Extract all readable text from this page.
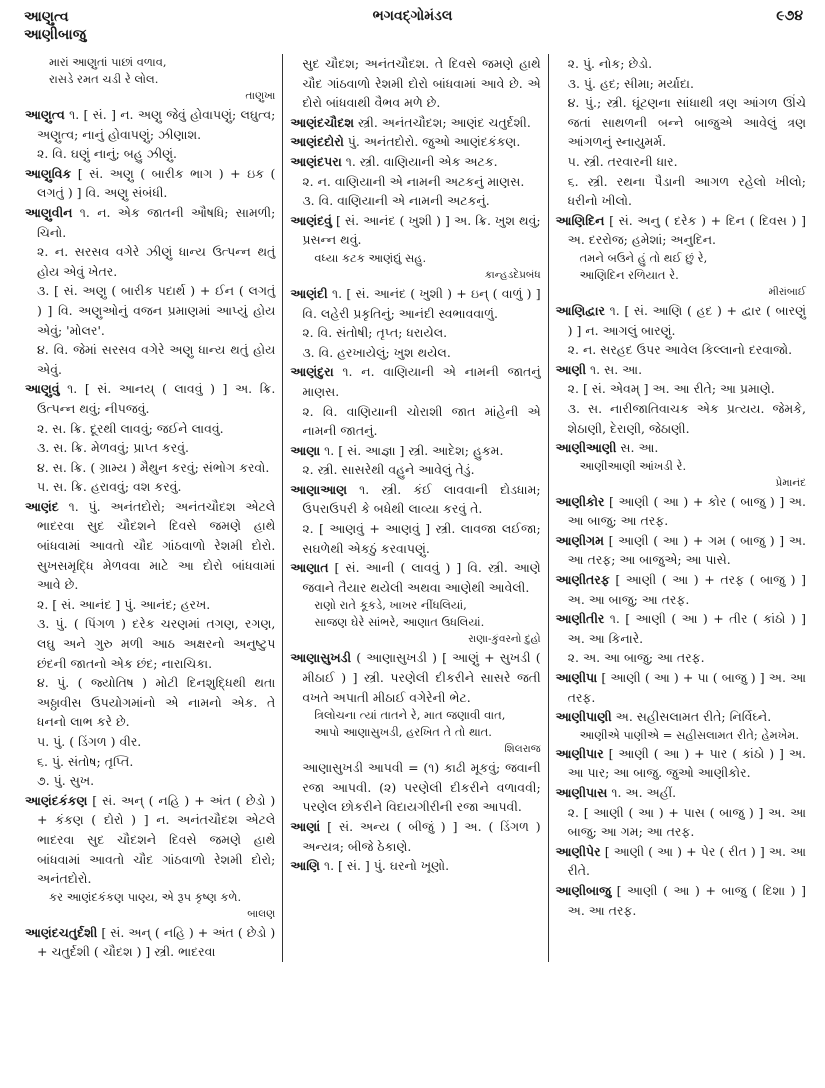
આણુત્વ
આણીબાજુ
ભગવદ્ગોમંડલ	૯૭૪
મારાં આણુતાં પાછાં વળાવ,
રાસડે રમત ચડી રે લોલ.
તાણુખા
આણુત્વ ૧. [ સં. ] ન. અણુ જેવું હોવાપણું; લઘુત્વ; અણુત્વ; નાનું હોવાપણું; ઝીણાશ.
૨. વિ. ઘણું નાનું; બહુ ઝીણું.
આણુવિક [ સં. અણુ ( બારીક ભાગ ) + ઇક ( લગતું ) ] વિ. અણુ સંબંધી.
આણુવીન ૧. ન. એક જાતની ઔષધિ; સામળી; ચિનો.
૨. ન. સરસવ વગેરે ઝીણું ધાન્ય ઉત્પન્ન થતું હોય એવું ખેતર.
૩. [ સં. અણુ ( બારીક પદાર્થ ) + ઈન ( લગતું ) ] વિ. અણુઓનું વજન પ્રમાણમાં આપ્યું હોય એવું; 'મોલર'.
૪. વિ. જેમાં સરસવ વગેરે અણુ ધાન્ય થતું હોય એવું.
આણુવું ૧. [ સં. આનય્ ( લાવવું ) ] અ. ક્રિ. ઉત્પન્ન થવું; નીપજવું.
૨. સ. ક્રિ. દૂરથી લાવવું; જઈને લાવવું.
૩. સ. ક્રિ. મેળવવું; પ્રાપ્ત કરવું.
૪. સ. ક્રિ. ( ગ્રામ્ય ) મૈથુન કરવું; સંભોગ કરવો.
૫. સ. ક્રિ. હરાવવું; વશ કરવું.
આણંદ ૧. પું. અનંતદોરો; અનંતચૌદશ એટલે ભાદરવા સુદ ચૌદશને દિવસે જમણે હાથે બાંધવામાં આવતો ચૌદ ગાંઠવાળો રેશમી દોરો. સુખસમૃદ્ધિ મેળવવા માટે આ દોરો બાંધવામાં આવે છે.
૨. [ સં. આનંદ ] પું. આનંદ; હરખ.
૩. પું. ( પિંગળ ) દરેક ચરણમાં તગણ, રગણ, લઘુ અને ગુરુ મળી આઠ અક્ષરનો અનુષ્ટુપ છંદની જાતનો એક છંદ; નારાચિકા.
૪. પું. ( જ્યોતિષ ) મોટી દિનશુદ્ધિથી થતા અઠ્ઠાવીસ ઉપયોગમાંનો એ નામનો એક. તે ધનનો લાભ કરે છે.
૫. પું. ( ડિંગળ ) વીર.
૬. પું. સંતોષ; તૃપ્તિ.
૭. પું. સુખ.
આણંદકંકણ [ સં. અન્ ( નહિ ) + અંત ( છેડો ) + કંકણ ( દોરો ) ] ન. અનંતચૌદશ એટલે ભાદરવા સુદ ચૌદશને દિવસે જમણે હાથે બાંધવામાં આવતો ચૌદ ગાંઠવાળો રેશમી દોરો; અનંતદોરો.
કર આણંદકંકણ પાણ્ય, એ રૂપ કૃષ્ણ કળે.
બાલણ
આણંદચતુર્દશી [ સં. અન્ ( નહિ ) + અંત ( છેડો ) + ચતુર્દશી ( ચૌદશ ) ] સ્ત્રી. ભાદરવા
સુદ ચૌદશ; અનંતચૌદશ. તે દિવસે જમણે હાથે ચૌદ ગાંઠવાળો રેશમી દોરો બાંધવામાં આવે છે. એ દોરો બાંધવાથી વૈભવ મળે છે.
આણંદચૌદશ સ્ત્રી. અનંતચૌદશ; આણંદ ચતુર્દશી.
આણંદદોરો પું. અનંતદોરો. જુઓ આણંદકંકણ.
આણંદપરા ૧. સ્ત્રી. વાણિયાની એક અટક.
૨. ન. વાણિયાની એ નામની અટકનું માણસ.
૩. વિ. વાણિયાની એ નામની અટકનું.
આણંદવું [ સં. આનંદ ( ખુશી ) ] અ. ક્રિ. ખુશ થવું; પ્રસન્ન થવું.
વધ્યા કટક આણંદ્યું સહુ.
કાન્હડદેપ્રબંધ
આણંદી ૧. [ સં. આનંદ ( ખુશી ) + ઇન્ ( વાળું ) ] વિ. લહેરી પ્રકૃતિનું; આનંદી સ્વભાવવાળું.
૨. વિ. સંતોષી; તૃપ્ત; ધરાયેલ.
૩. વિ. હરખાયેલું; ખુશ થયેલ.
આણંદુરા ૧. ન. વાણિયાની એ નામની જાતનું માણસ.
૨. વિ. વાણિયાની ચોરાશી જાત માંહેની એ નામની જાતનું.
આણા ૧. [ સં. આજ્ઞા ] સ્ત્રી. આદેશ; હુકમ.
૨. સ્ત્રી. સાસરેથી વહુને આવેલું તેડું.
આણાઆણ ૧. સ્ત્રી. કંઈ લાવવાની દોડધામ; ઉપરાઉપરી કે બધેથી લાવ્યા કરવું તે.
૨. [ આણવું + આણવું ] સ્ત્રી. લાવજા લઈજા; સઘળેથી એકઠું કરવાપણું.
આણાત [ સં. આની ( લાવવું ) ] વિ. સ્ત્રી. આણે જવાને તૈયાર થયેલી અથવા આણેથી આવેલી.
રાણો રાતે કૂકડે, ખાખર નીંધલિયાં,
સાજણ ઘેરે સાંભરે, આણાત ઉધલિયાં.
રાણા-કુંવરનો દુહો
આણાસુખડી ( આણાસુખડી ) [ આણું + સુખડી ( મીઠાઈ ) ] સ્ત્રી. પરણેલી દીકરીને સાસરે જતી વખતે અપાતી મીઠાઈ વગેરેની ભેટ.
ત્રિલોચના ત્યાં તાતને રે, માત જણાવી વાત,
આપો આણાસુખડી, હરખિત તે તો થાત.
શિલરાજ
આણાસુખડી આપવી = (૧) કાઢી મૂકવું; જવાની રજા આપવી. (૨) પરણેલી દીકરીને વળાવવી; પરણેલ છોકરીને વિદાયગીરીની રજા આપવી.
આણાં [ સં. અન્ય ( બીજું ) ] અ. ( ડિંગળ ) અન્યત્ર; બીજે ઠેકાણે.
આણિ ૧. [ સં. ] પું. ઘરનો ખૂણો.
૨. પું. નોક; છેડો.
૩. પું. હદ; સીમા; મર્યાદા.
૪. પું.; સ્ત્રી. ઘૂંટણના સાંધાથી ત્રણ આંગળ ઊંચે જતાં સાથળની બન્ને બાજુએ આવેલું ત્રણ આંગળનું સ્નાયુમર્મ.
૫. સ્ત્રી. તરવારની ધાર.
૬. સ્ત્રી. રથના પૈડાની આગળ રહેલો ખીલો; ધરીનો ખીલો.
આણિદિન [ સં. અનુ ( દરેક ) + દિન ( દિવસ ) ] અ. દરરોજ; હમેશાં; અનુદિન.
તમને બઉને હું તો થઈ છું રે,
આણિદિન રળિયાત રે.
મીરાંબાઈ
આણિદ્વાર ૧. [ સં. આણિ ( હદ ) + દ્વાર ( બારણું ) ] ન. આગલું બારણું.
૨. ન. સરહદ ઉપર આવેલ કિલ્લાનો દરવાજો.
આણી ૧. સ. આ.
૨. [ સં. એવમ્ ] અ. આ રીતે; આ પ્રમાણે.
૩. સ. નારીજાતિવાચક એક પ્રત્યય. જેમકે, શેઠાણી, દેરાણી, જેઠાણી.
આણીઆણી સ. આ.
આણીઆણી આંખડી રે.
પ્રેમાનંદ
આણીકોર [ આણી ( આ ) + કોર ( બાજુ ) ] અ. આ બાજુ; આ તરફ.
આણીગમ [ આણી ( આ ) + ગમ ( બાજુ ) ] અ. આ તરફ; આ બાજુએ; આ પાસે.
આણીતરફ [ આણી ( આ ) + તરફ ( બાજુ ) ] અ. આ બાજુ; આ તરફ.
આણીતીર ૧. [ આણી ( આ ) + તીર ( કાંઠો ) ] અ. આ કિનારે.
૨. અ. આ બાજુ; આ તરફ.
આણીપા [ આણી ( આ ) + પા ( બાજુ ) ] અ. આ તરફ.
આણીપાણી અ. સહીસલામત રીતે; નિર્વિઘ્ને.
આણીએ પાણીએ = સહીસલામત રીતે; હેમખેમ.
આણીપાર [ આણી ( આ ) + પાર ( કાંઠો ) ] અ. આ પાર; આ બાજુ. જુઓ આણીકોર.
આણીપાસ ૧. અ. અહીં.
૨. [ આણી ( આ ) + પાસ ( બાજુ ) ] અ. આ બાજુ; આ ગમ; આ તરફ.
આણીપેર [ આણી ( આ ) + પેર ( રીત ) ] અ. આ રીતે.
આણીબાજુ [ આણી ( આ ) + બાજુ ( દિશા ) ] અ. આ તરફ.
